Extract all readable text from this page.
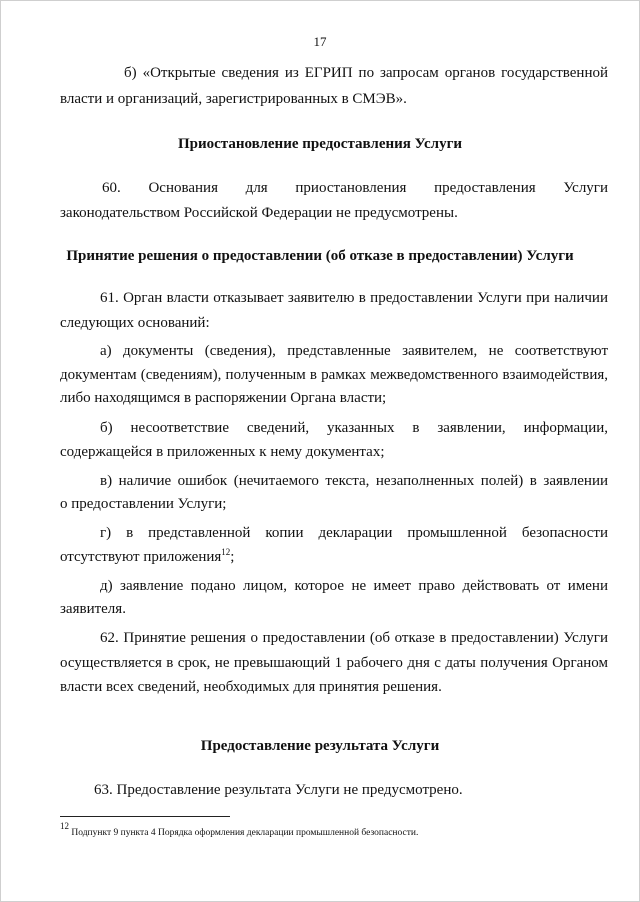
17

б) «Открытые сведения из ЕГРИП по запросам органов государственной

власти и организаций, зарегистрированных в СМЭВ».

Приостановление предоставления Услуги

60. Основания для приостановления предоставления Услуги

законодательством Российской Федерации не предусмотрены.

Принятие решения о предоставлении (об отказе в предоставлении) Услуги

61. Орган власти отказывает заявителю в предоставлении Услуги при наличии

следующих оснований:

а) документы (сведения), представленные заявителем, не соответствуют

документам (сведениям), полученным в рамках межведомственного взаимодействия,

либо находящимся в распоряжении Органа власти;

б) несоответствие сведений, указанных в заявлении, информации,

содержащейся в приложенных к нему документах;

в) наличие ошибок (нечитаемого текста, незаполненных полей) в заявлении

о предоставлении Услуги;

г) в представленной копии декларации промышленной безопасности

отсутствуют приложения$^{12}$;

д) заявление подано лицом, которое не имеет право действовать от имени

заявителя.

62. Принятие решения о предоставлении (об отказе в предоставлении) Услуги

осуществляется в срок, не превышающий 1 рабочего дня с даты получения Органом

власти всех сведений, необходимых для принятия решения.

Предоставление результата Услуги

63. Предоставление результата Услуги не предусмотрено.

$^{12}$ Подпункт 9 пункта 4 Порядка оформления декларации промышленной безопасности.
